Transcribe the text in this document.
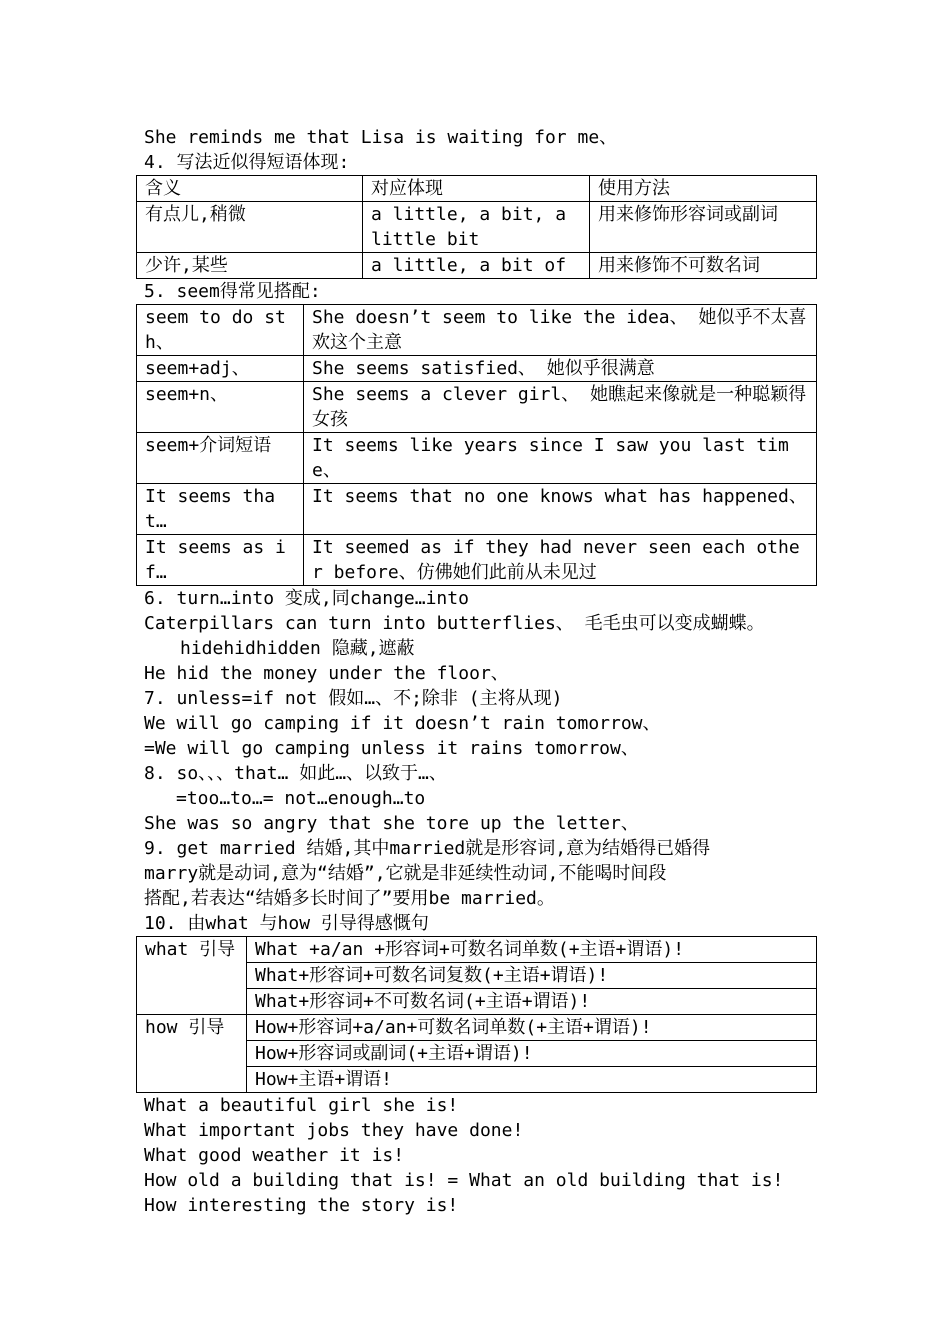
She reminds me that Lisa is waiting for me、
4. 写法近似得短语体现:
含义	对应体现	使用方法
有点儿,稍微	a little, a bit, a little bit	用来修饰形容词或副词
少许,某些	a little, a bit of	用来修饰不可数名词
5. seem得常见搭配:
seem to do sth、	She doesn’t seem to like the idea、 她似乎不太喜欢这个主意
seem+adj、	She seems satisfied、 她似乎很满意
seem+n、	She seems a clever girl、 她瞧起来像就是一种聪颖得女孩
seem+介词短语	It seems like years since I saw you last time、
It seems that…	It seems that no one knows what has happened、
It seems as if…	It seemed as if they had never seen each other before、仿佛她们此前从未见过
6. turn…into 变成,同change…into
Caterpillars can turn into butterflies、 毛毛虫可以变成蝴蝶。
hidehidhidden 隐藏,遮蔽
He hid the money under the floor、
7. unless=if not 假如…、不;除非 (主将从现)
We will go camping if it doesn’t rain tomorrow、
=We will go camping unless it rains tomorrow、
8. so、、、that… 如此…、以致于…、
=too…to…= not…enough…to
She was so angry that she tore up the letter、
9. get married 结婚,其中married就是形容词,意为结婚得已婚得
marry就是动词,意为“结婚”,它就是非延续性动词,不能喝时间段
搭配,若表达“结婚多长时间了”要用be married。
10. 由what 与how 引导得感慨句
what 引导	What +a/an +形容词+可数名词单数(+主语+谓语)!
	What+形容词+可数名词复数(+主语+谓语)!
	What+形容词+不可数名词(+主语+谓语)!
how 引导	How+形容词+a/an+可数名词单数(+主语+谓语)!
	How+形容词或副词(+主语+谓语)!
	How+主语+谓语!
What a beautiful girl she is!
What important jobs they have done!
What good weather it is!
How old a building that is! = What an old building that is!
How interesting the story is!
